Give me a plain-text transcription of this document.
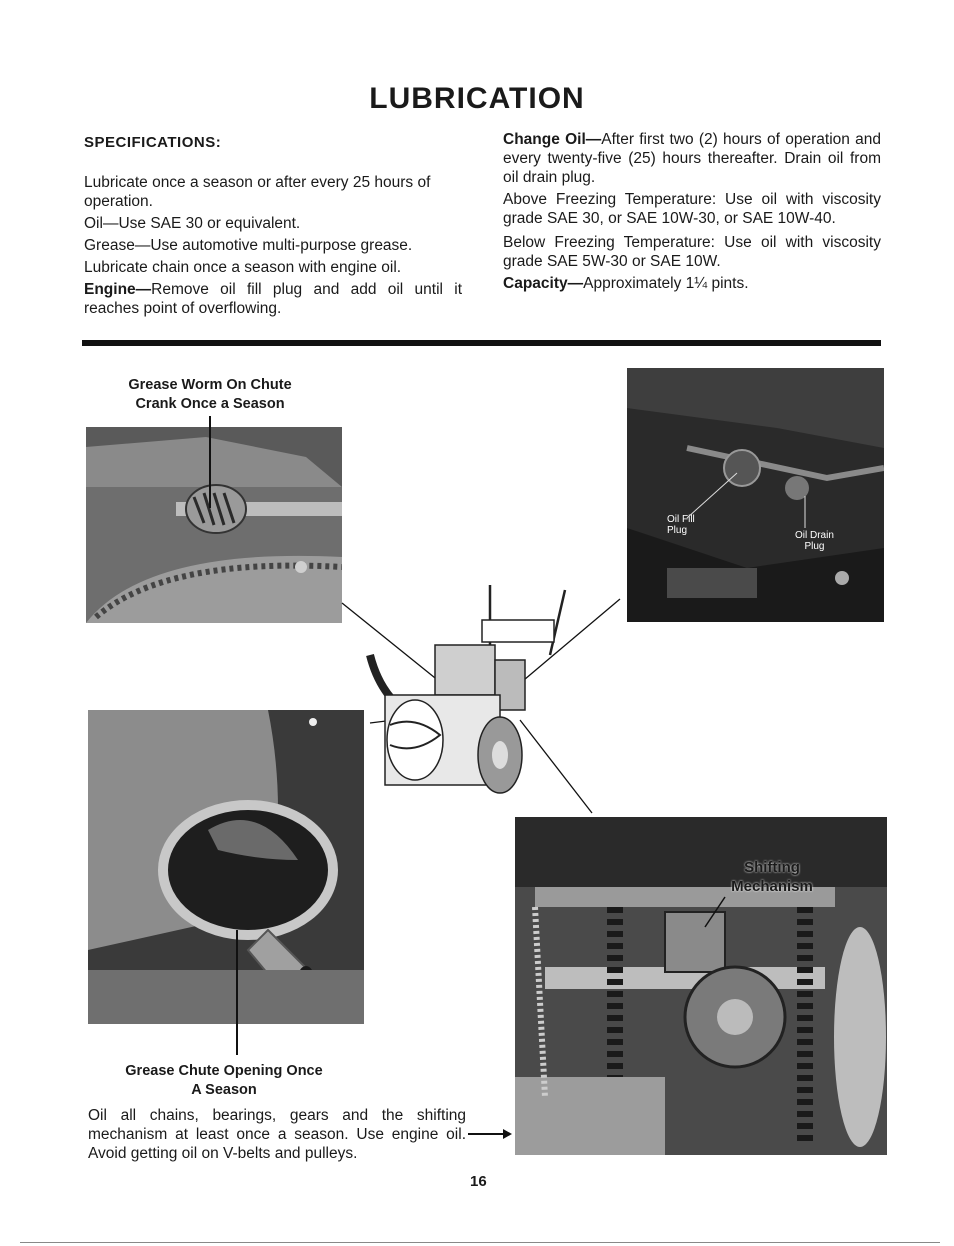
LUBRICATION

SPECIFICATIONS:

Lubricate once a season or after every 25 hours of operation.

Oil—Use SAE 30 or equivalent.

Grease—Use automotive multi-purpose grease.

Lubricate chain once a season with engine oil.

Engine—Remove oil fill plug and add oil until it reaches point of overflowing.

Change Oil—After first two (2) hours of operation and every twenty-five (25) hours thereafter. Drain oil from oil drain plug.

Above Freezing Temperature: Use oil with viscosity grade SAE 30, or SAE 10W-30, or SAE 10W-40.

Below Freezing Temperature: Use oil with viscosity grade SAE 5W-30 or SAE 10W.

Capacity—Approximately 1¼ pints.

Grease Worm On Chute
Crank Once a Season
Oil Fill
Plug	Oil Drain
Plug
Grease Chute Opening Once
A Season
Shifting
Mechanism
Oil all chains, bearings, gears and the shifting mechanism at least once a season. Use engine oil. Avoid getting oil on V-belts and pulleys.
16
